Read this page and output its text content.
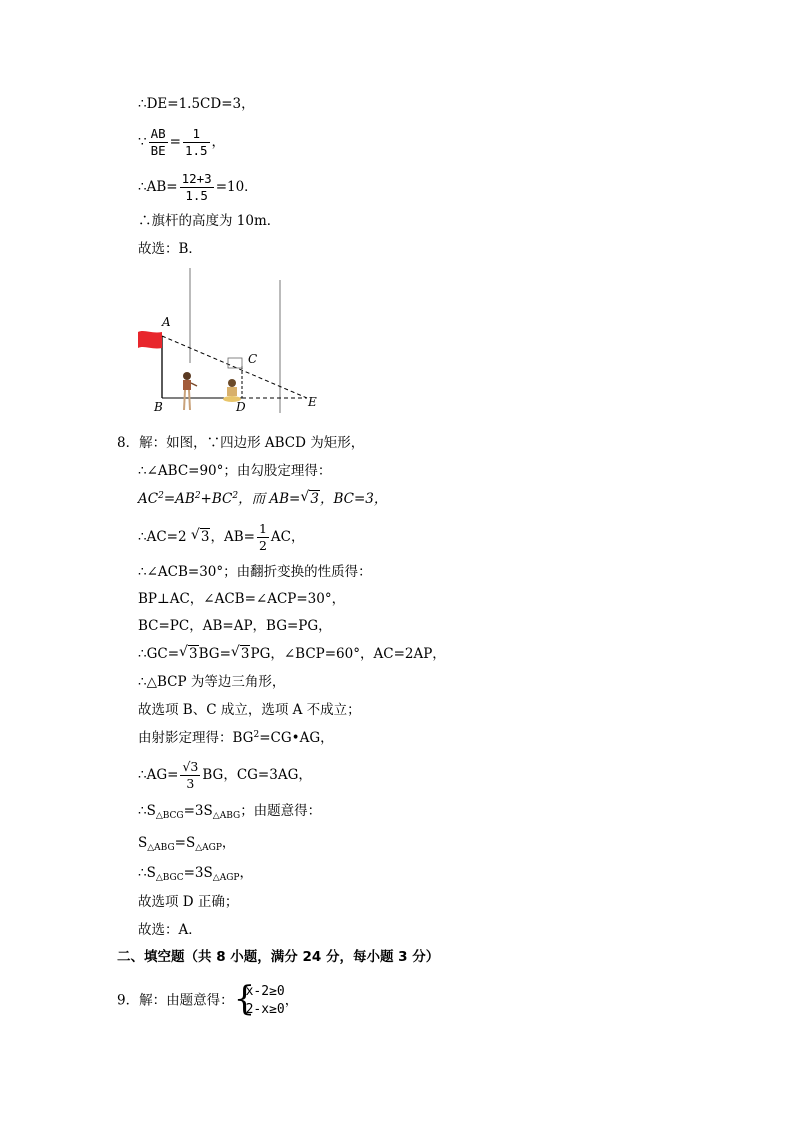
∴DE=1.5CD=3，
∵ $\frac{AB}{BE} = \frac{1}{1.5}$ ，
∴AB= $\frac{12+3}{1.5} =10$．
∴旗杆的高度为 10m．
故选：B．
A
B
C
D	E
8．解：如图，∵四边形 ABCD 为矩形，
∴∠ABC=90°；由勾股定理得：
$AC^2=AB^2+BC^2$，而 AB= √ 3，BC=3，
∴AC=2 √ 3，$AB= \frac{1}{2}$ AC，
∴∠ACB=30°；由翻折变换的性质得：
BP⊥AC，∠ACB=∠ACP=30°，
BC=PC，AB=AP，BG=PG，
∴GC= √ 3BG= √ 3PG，∠BCP=60°，AC=2AP，
∴△BCP 为等边三角形，
故选项 B、C 成立，选项 A 不成立；
由射影定理得：$BG^2=CG•AG$，
∴AG= $\frac{√3}{3}$ BG，CG=3AG，
$\therefore S_{\triangle BCG}=3S_{\triangle ABG}$；由题意得：
$S_{\triangle ABG}=S_{\triangle AGP}$，
$\therefore S_{\triangle BGC}=3S_{\triangle AGP}$，
故选项 D 正确；
故选：A．
二、填空题（共 8 小题，满分 24 分，每小题 3 分）
9．解：由题意得： {
x-2≥0
2-x≥0
，
